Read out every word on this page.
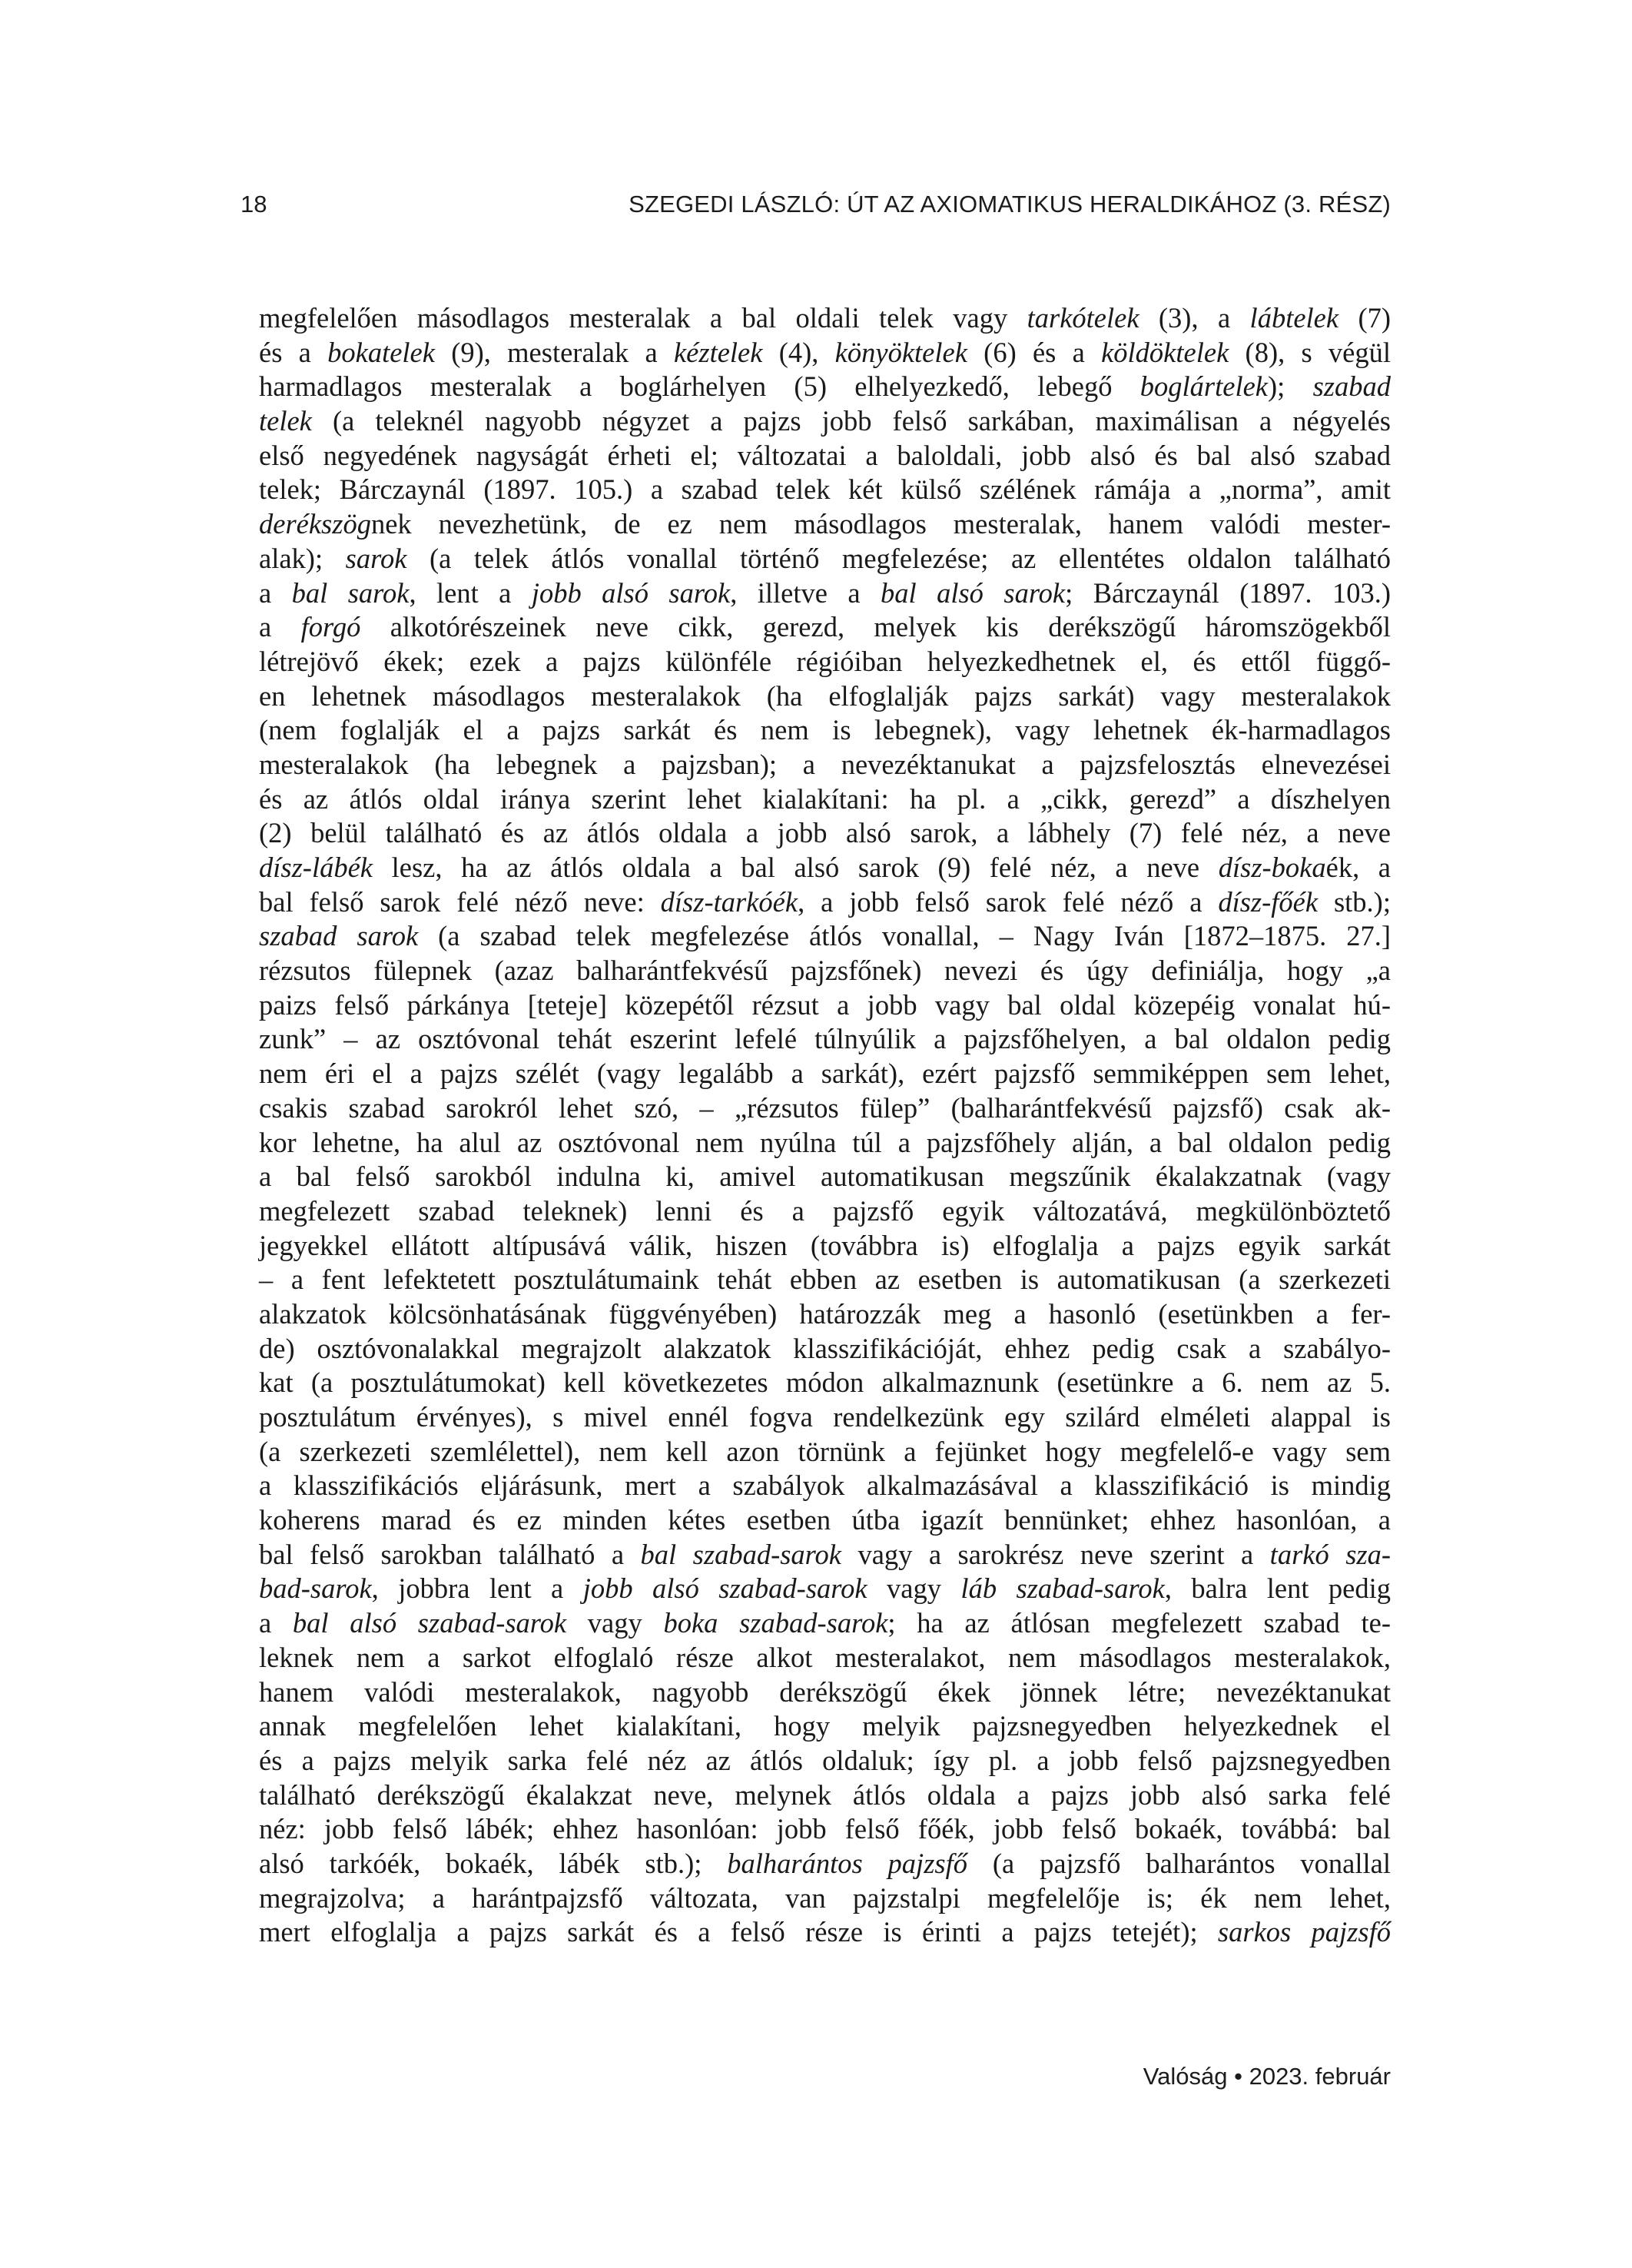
18	SZEGEDI LÁSZLÓ: ÚT AZ AXIOMATIKUS HERALDIKÁHOZ (3. RÉSZ)
megfelelően másodlagos mesteralak a bal oldali telek vagy tarkótelek (3), a lábtelek (7)
és a bokatelek (9), mesteralak a kéztelek (4), könyöktelek (6) és a köldöktelek (8), s végül
harmadlagos mesteralak a boglárhelyen (5) elhelyezkedő, lebegő boglártelek); szabad
telek (a teleknél nagyobb négyzet a pajzs jobb felső sarkában, maximálisan a négyelés
első negyedének nagyságát érheti el; változatai a baloldali, jobb alsó és bal alsó szabad
telek; Bárczaynál (1897. 105.) a szabad telek két külső szélének rámája a „norma”, amit
derékszögnek nevezhetünk, de ez nem másodlagos mesteralak, hanem valódi mester-
alak); sarok (a telek átlós vonallal történő megfelezése; az ellentétes oldalon található
a bal sarok, lent a jobb alsó sarok, illetve a bal alsó sarok; Bárczaynál (1897. 103.)
a forgó alkotórészeinek neve cikk, gerezd, melyek kis derékszögű háromszögekből
létrejövő ékek; ezek a pajzs különféle régióiban helyezkedhetnek el, és ettől függő-
en lehetnek másodlagos mesteralakok (ha elfoglalják pajzs sarkát) vagy mesteralakok
(nem foglalják el a pajzs sarkát és nem is lebegnek), vagy lehetnek ék-harmadlagos
mesteralakok (ha lebegnek a pajzsban); a nevezéktanukat a pajzsfelosztás elnevezései
és az átlós oldal iránya szerint lehet kialakítani: ha pl. a „cikk, gerezd” a díszhelyen
(2) belül található és az átlós oldala a jobb alsó sarok, a lábhely (7) felé néz, a neve
dísz-lábék lesz, ha az átlós oldala a bal alsó sarok (9) felé néz, a neve dísz-bokaék, a
bal felső sarok felé néző neve: dísz-tarkóék, a jobb felső sarok felé néző a dísz-főék stb.);
szabad sarok (a szabad telek megfelezése átlós vonallal, – Nagy Iván [1872–1875. 27.]
rézsutos fülepnek (azaz balharántfekvésű pajzsfőnek) nevezi és úgy definiálja, hogy „a
paizs felső párkánya [teteje] közepétől rézsut a jobb vagy bal oldal közepéig vonalat hú-
zunk” – az osztóvonal tehát eszerint lefelé túlnyúlik a pajzsfőhelyen, a bal oldalon pedig
nem éri el a pajzs szélét (vagy legalább a sarkát), ezért pajzsfő semmiképpen sem lehet,
csakis szabad sarokról lehet szó, – „rézsutos fülep” (balharántfekvésű pajzsfő) csak ak-
kor lehetne, ha alul az osztóvonal nem nyúlna túl a pajzsfőhely alján, a bal oldalon pedig
a bal felső sarokból indulna ki, amivel automatikusan megszűnik ékalakzatnak (vagy
megfelezett szabad teleknek) lenni és a pajzsfő egyik változatává, megkülönböztető
jegyekkel ellátott altípusává válik, hiszen (továbbra is) elfoglalja a pajzs egyik sarkát
– a fent lefektetett posztulátumaink tehát ebben az esetben is automatikusan (a szerkezeti
alakzatok kölcsönhatásának függvényében) határozzák meg a hasonló (esetünkben a fer-
de) osztóvonalakkal megrajzolt alakzatok klasszifikációját, ehhez pedig csak a szabályo-
kat (a posztulátumokat) kell következetes módon alkalmaznunk (esetünkre a 6. nem az 5.
posztulátum érvényes), s mivel ennél fogva rendelkezünk egy szilárd elméleti alappal is
(a szerkezeti szemlélettel), nem kell azon törnünk a fejünket hogy megfelelő-e vagy sem
a klasszifikációs eljárásunk, mert a szabályok alkalmazásával a klasszifikáció is mindig
koherens marad és ez minden kétes esetben útba igazít bennünket; ehhez hasonlóan, a
bal felső sarokban található a bal szabad-sarok vagy a sarokrész neve szerint a tarkó sza-
bad-sarok, jobbra lent a jobb alsó szabad-sarok vagy láb szabad-sarok, balra lent pedig
a bal alsó szabad-sarok vagy boka szabad-sarok; ha az átlósan megfelezett szabad te-
leknek nem a sarkot elfoglaló része alkot mesteralakot, nem másodlagos mesteralakok,
hanem valódi mesteralakok, nagyobb derékszögű ékek jönnek létre; nevezéktanukat
annak megfelelően lehet kialakítani, hogy melyik pajzsnegyedben helyezkednek el
és a pajzs melyik sarka felé néz az átlós oldaluk; így pl. a jobb felső pajzsnegyedben
található derékszögű ékalakzat neve, melynek átlós oldala a pajzs jobb alsó sarka felé
néz: jobb felső lábék; ehhez hasonlóan: jobb felső főék, jobb felső bokaék, továbbá: bal
alsó tarkóék, bokaék, lábék stb.); balharántos pajzsfő (a pajzsfő balharántos vonallal
megrajzolva; a harántpajzsfő változata, van pajzstalpi megfelelője is; ék nem lehet,
mert elfoglalja a pajzs sarkát és a felső része is érinti a pajzs tetejét); sarkos pajzsfő
Valóság • 2023. február
